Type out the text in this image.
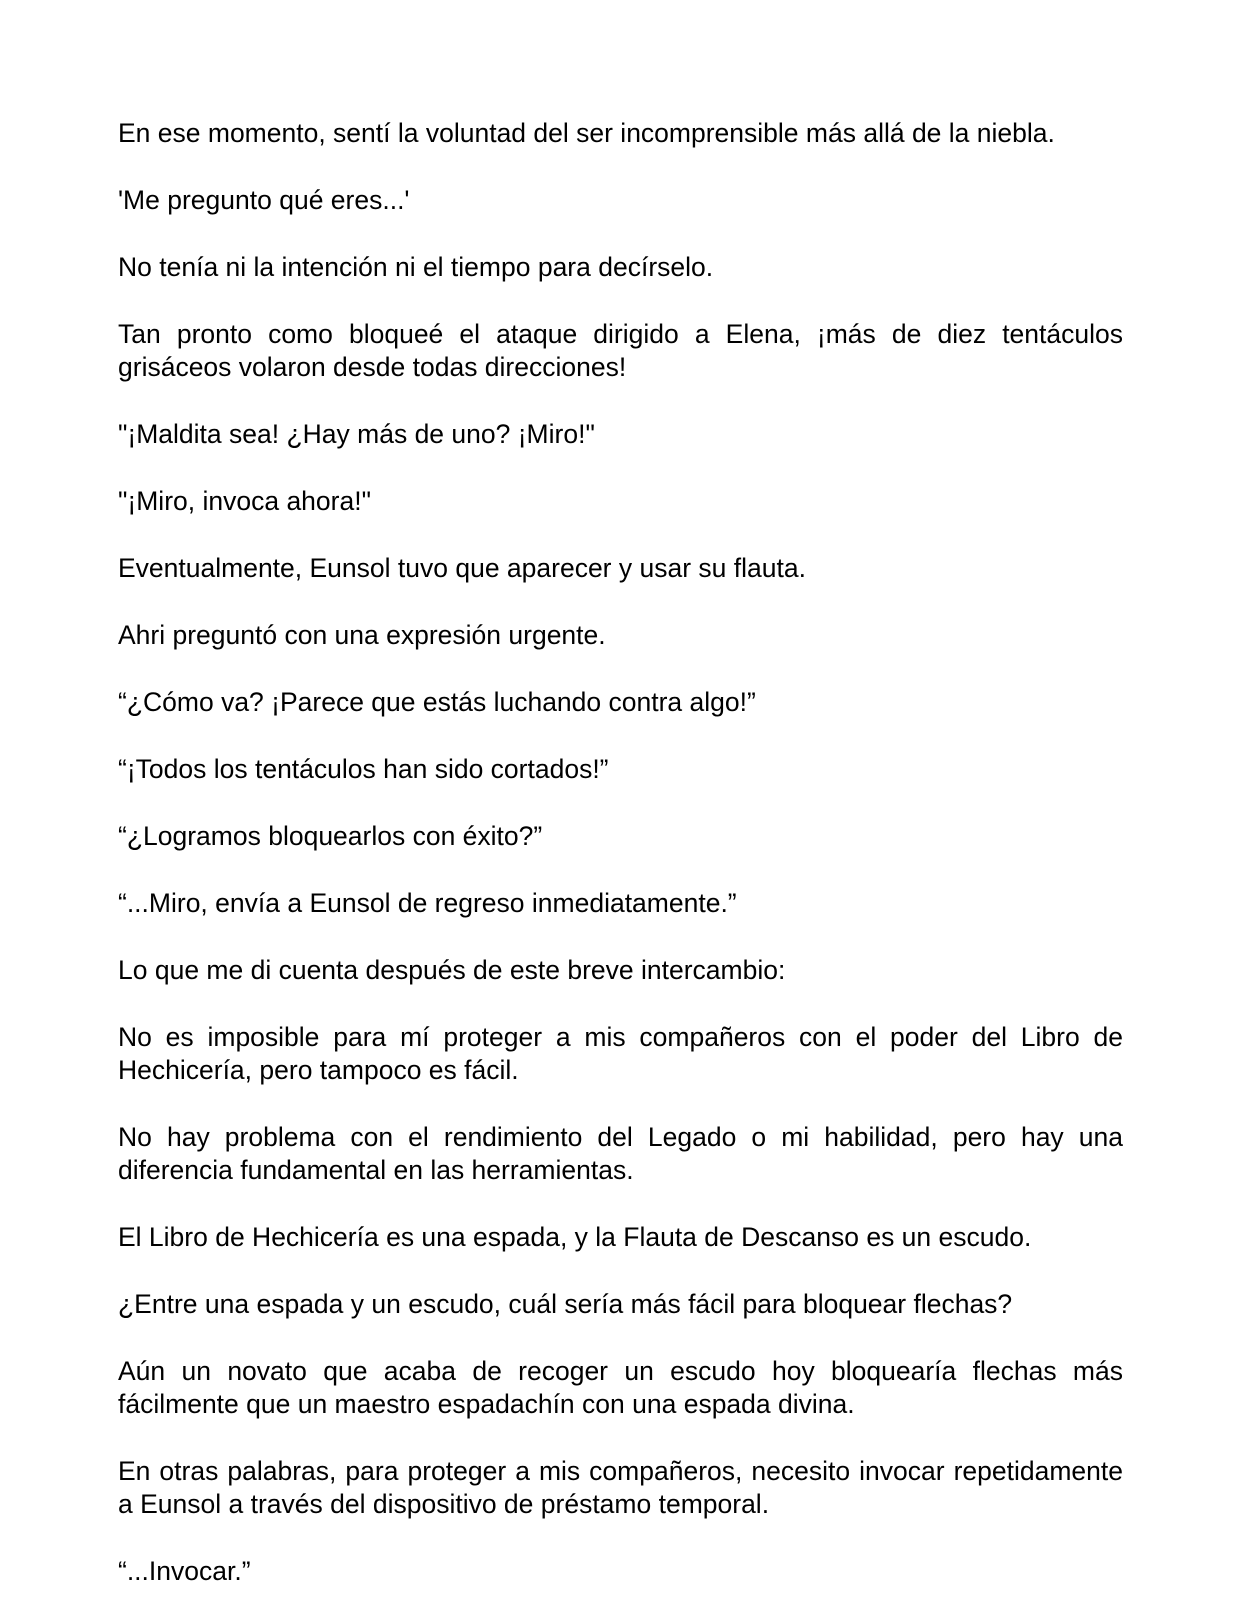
En ese momento, sentí la voluntad del ser incomprensible más allá de la niebla.

'Me pregunto qué eres...'

No tenía ni la intención ni el tiempo para decírselo.

Tan pronto como bloqueé el ataque dirigido a Elena, ¡más de diez tentáculos grisáceos volaron desde todas direcciones!

"¡Maldita sea! ¿Hay más de uno? ¡Miro!"

"¡Miro, invoca ahora!"

Eventualmente, Eunsol tuvo que aparecer y usar su flauta.

Ahri preguntó con una expresión urgente.

“¿Cómo va? ¡Parece que estás luchando contra algo!”

“¡Todos los tentáculos han sido cortados!”

“¿Logramos bloquearlos con éxito?”

“...Miro, envía a Eunsol de regreso inmediatamente.”

Lo que me di cuenta después de este breve intercambio:

No es imposible para mí proteger a mis compañeros con el poder del Libro de Hechicería, pero tampoco es fácil.

No hay problema con el rendimiento del Legado o mi habilidad, pero hay una diferencia fundamental en las herramientas.

El Libro de Hechicería es una espada, y la Flauta de Descanso es un escudo.

¿Entre una espada y un escudo, cuál sería más fácil para bloquear flechas?

Aún un novato que acaba de recoger un escudo hoy bloquearía flechas más fácilmente que un maestro espadachín con una espada divina.

En otras palabras, para proteger a mis compañeros, necesito invocar repetidamente a Eunsol a través del dispositivo de préstamo temporal.

“...Invocar.”
